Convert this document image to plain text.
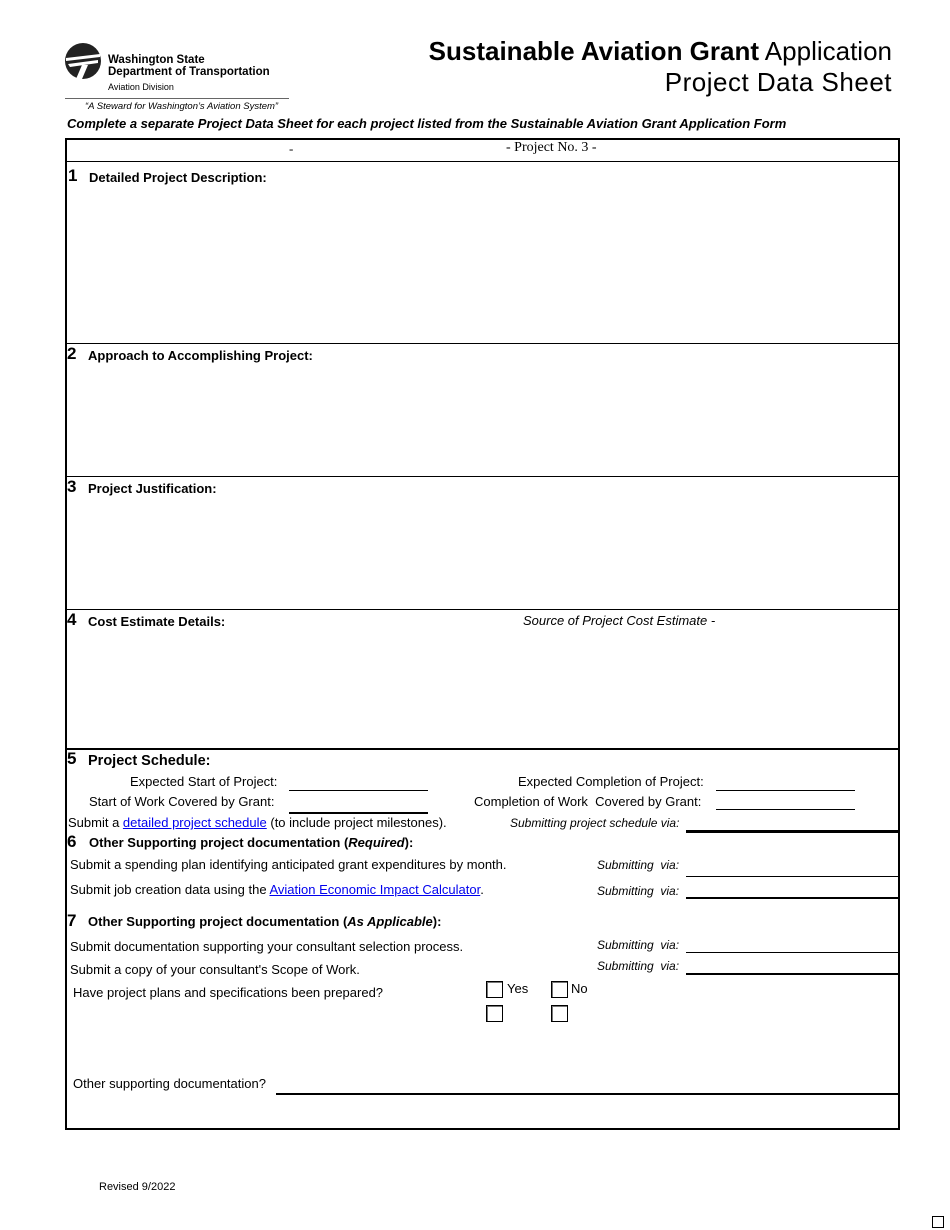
Washington State
Department of Transportation
Aviation Division
“A Steward for Washington’s Aviation System”
Sustainable Aviation Grant Application
Project Data Sheet
Complete a separate Project Data Sheet for each project listed from the Sustainable Aviation Grant Application Form
-	- Project No. 3 -
1 Detailed Project Description:
2 Approach to Accomplishing Project:
3 Project Justification:
4 Cost Estimate Details:	Source of Project Cost Estimate -
5 Project Schedule:
Expected Start of Project:	Expected Completion of Project:
Start of Work Covered by Grant:	Completion of Work  Covered by Grant:
Submit a detailed project schedule (to include project milestones).	Submitting project schedule via:
6 Other Supporting project documentation (Required):
Submit a spending plan identifying anticipated grant expenditures by month.	Submitting  via:
Submit job creation data using the Aviation Economic Impact Calculator.	Submitting  via:
7 Other Supporting project documentation (As Applicable):
Submit documentation supporting your consultant selection process.	Submitting  via:
Submit a copy of your consultant's Scope of Work.	Submitting  via:
Have project plans and specifications been prepared?	Yes	No
Other supporting documentation?
Revised 9/2022
